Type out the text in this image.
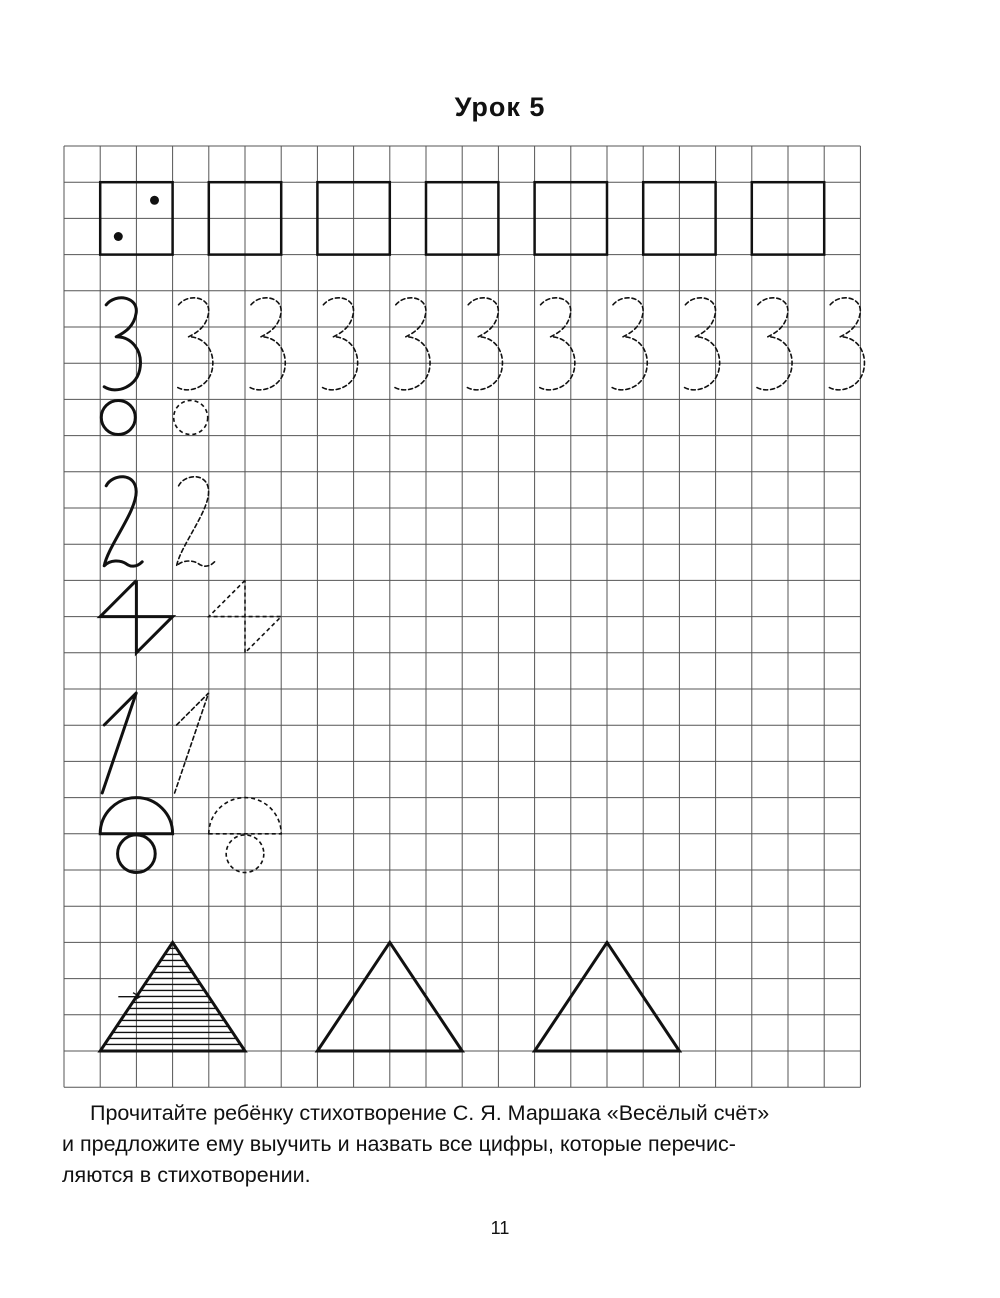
Урок 5
Прочитайте ребёнку стихотворение С. Я. Маршака «Весёлый счёт»
и предложите ему выучить и назвать все цифры, которые перечис-
ляются в стихотворении.
11
